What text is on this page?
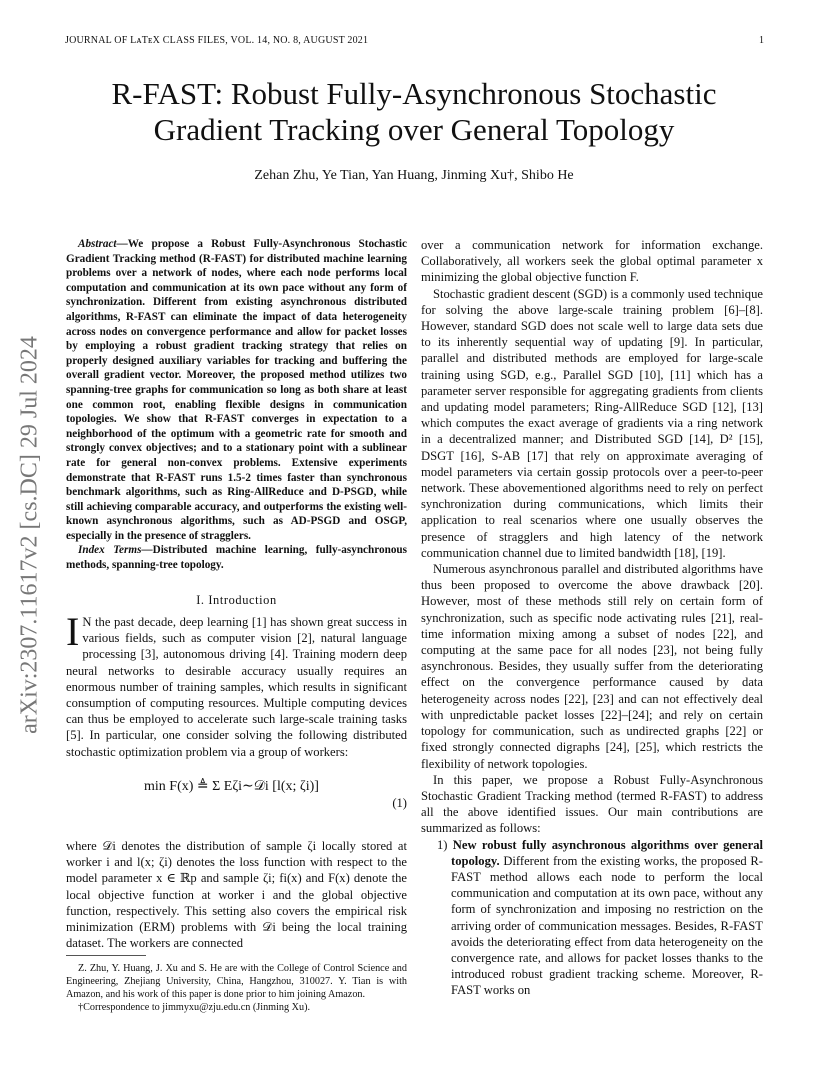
JOURNAL OF LᴀTᴇX CLASS FILES, VOL. 14, NO. 8, AUGUST 2021	1
arXiv:2307.11617v2 [cs.DC] 29 Jul 2024
R-FAST: Robust Fully-Asynchronous Stochastic
Gradient Tracking over General Topology
Zehan Zhu, Ye Tian, Yan Huang, Jinming Xu†, Shibo He

Abstract—We propose a Robust Fully-Asynchronous Stochastic Gradient Tracking method (R-FAST) for distributed machine learning problems over a network of nodes, where each node performs local computation and communication at its own pace without any form of synchronization. Different from existing asynchronous distributed algorithms, R-FAST can eliminate the impact of data heterogeneity across nodes on convergence performance and allow for packet losses by employing a robust gradient tracking strategy that relies on properly designed auxiliary variables for tracking and buffering the overall gradient vector. Moreover, the proposed method utilizes two spanning-tree graphs for communication so long as both share at least one common root, enabling flexible designs in communication topologies. We show that R-FAST converges in expectation to a neighborhood of the optimum with a geometric rate for smooth and strongly convex objectives; and to a stationary point with a sublinear rate for general non-convex problems. Extensive experiments demonstrate that R-FAST runs 1.5-2 times faster than synchronous benchmark algorithms, such as Ring-AllReduce and D-PSGD, while still achieving comparable accuracy, and outperforms the existing well-known asynchronous algorithms, such as AD-PSGD and OSGP, especially in the presence of stragglers.

Index Terms—Distributed machine learning, fully-asynchronous methods, spanning-tree topology.

I. Introduction

I N the past decade, deep learning [1] has shown great success in various fields, such as computer vision [2], natural language processing [3], autonomous driving [4]. Training modern deep neural networks to desirable accuracy usually requires an enormous number of training samples, which results in significant consumption of computing resources. Multiple computing devices can thus be employed to accelerate such large-scale training tasks [5]. In particular, one consider solving the following distributed stochastic optimization problem via a group of workers:

min F(x) ≜ Σ Eζi∼𝒟i [l(x; ζi)]
(1)

where 𝒟i denotes the distribution of sample ζi locally stored at worker i and l(x; ζi) denotes the loss function with respect to the model parameter x ∈ ℝp and sample ζi; fi(x) and F(x) denote the local objective function at worker i and the global objective function, respectively. This setting also covers the empirical risk minimization (ERM) problems with 𝒟i being the local training dataset. The workers are connected

Z. Zhu, Y. Huang, J. Xu and S. He are with the College of Control Science and Engineering, Zhejiang University, China, Hangzhou, 310027. Y. Tian is with Amazon, and his work of this paper is done prior to him joining Amazon.

†Correspondence to jimmyxu@zju.edu.cn (Jinming Xu).

over a communication network for information exchange. Collaboratively, all workers seek the global optimal parameter x minimizing the global objective function F.

Stochastic gradient descent (SGD) is a commonly used technique for solving the above large-scale training problem [6]–[8]. However, standard SGD does not scale well to large data sets due to its inherently sequential way of updating [9]. In particular, parallel and distributed methods are employed for large-scale training using SGD, e.g., Parallel SGD [10], [11] which has a parameter server responsible for aggregating gradients from clients and updating model parameters; Ring-AllReduce SGD [12], [13] which computes the exact average of gradients via a ring network in a decentralized manner; and Distributed SGD [14], D² [15], DSGT [16], S-AB [17] that rely on approximate averaging of model parameters via certain gossip protocols over a peer-to-peer network. These abovementioned algorithms need to rely on perfect synchronization during communications, which limits their application to real scenarios where one usually observes the presence of stragglers and high latency of the network communication channel due to limited bandwidth [18], [19].

Numerous asynchronous parallel and distributed algorithms have thus been proposed to overcome the above drawback [20]. However, most of these methods still rely on certain form of synchronization, such as specific node activating rules [21], real-time information mixing among a subset of nodes [22], and computing at the same pace for all nodes [23], not being fully asynchronous. Besides, they usually suffer from the deteriorating effect on the convergence performance caused by data heterogeneity across nodes [22], [23] and can not effectively deal with unpredictable packet losses [22]–[24]; and rely on certain topology for communication, such as undirected graphs [22] or fixed strongly connected digraphs [24], [25], which restricts the flexibility of network topologies.

In this paper, we propose a Robust Fully-Asynchronous Stochastic Gradient Tracking method (termed R-FAST) to address all the above identified issues. Our main contributions are summarized as follows:

1) New robust fully asynchronous algorithms over general topology. Different from the existing works, the proposed R-FAST method allows each node to perform the local communication and computation at its own pace, without any form of synchronization and imposing no restriction on the arriving order of communication messages. Besides, R-FAST avoids the deteriorating effect from data heterogeneity on the convergence rate, and allows for packet losses thanks to the introduced robust gradient tracking scheme. Moreover, R-FAST works on
